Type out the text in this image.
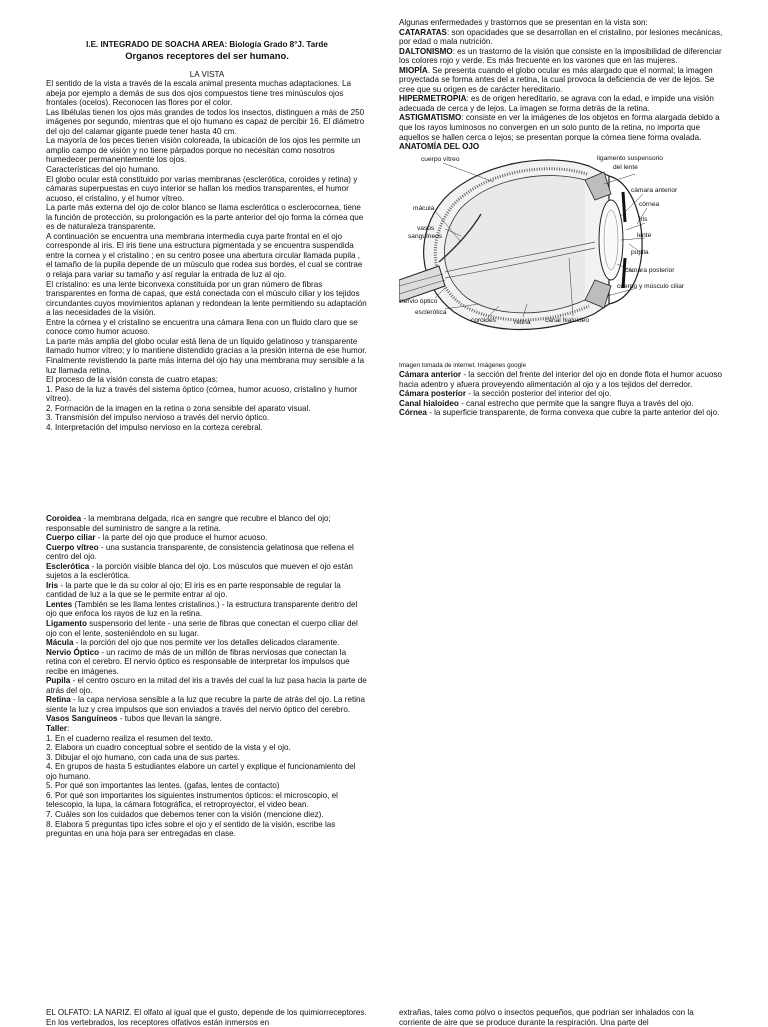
I.E. INTEGRADO DE SOACHA AREA: Biología Grado 8°J. Tarde

Organos receptores del ser humano.

LA VISTA

El sentido de la vista a través de la escala animal presenta muchas adaptaciones. La abeja por ejemplo a demás de sus dos ojos compuestos tiene tres minúsculos ojos frontales (ocelos). Reconocen las flores por el color.

Las libélulas tienen los ojos más grandes de todos los insectos, distinguen a más de 250 imágenes por segundo, mientras que el ojo humano es capaz de percibir 16. El diámetro del ojo del calamar gigante puede tener hasta 40 cm.

La mayoría de los peces tienen visión coloreada, la ubicación de los ojos les permite un amplio campo de visión y no tiene párpados porque no necesitan como nosotros humedecer permanentemente los ojos.

Características del ojo humano.

El globo ocular está constituido por varias membranas (esclerótica, coroides y retina) y cámaras superpuestas en cuyo interior se hallan los medios transparentes, el humor acuoso, el cristalino, y el humor vítreo.

La parte más externa del ojo de color blanco se llama esclerótica o esclerocornea, tiene la función de protección, su prolongación es la parte anterior del ojo forma la córnea que es de naturaleza transparente.

A continuación se encuentra una membrana intermedia cuya parte frontal en el ojo corresponde al iris. El iris tiene una estructura pigmentada y se encuentra suspendida entre la cornea y el cristalino ; en su centro posee una abertura circular llamada pupila , el tamaño de la pupila depende de un músculo que rodea sus bordes, el cual se contrae o relaja para variar su tamaño y así regular la entrada de luz al ojo.

El cristalino: es una lente biconvexa constituida por un gran número de fibras transparentes en forma de capas, que está conectada con el músculo ciliar y los tejidos circundantes cuyos movimientos aplanan y redondean la lente permitiendo su adaptación a las necesidades de la visión.

Entre la córnea y el cristalino se encuentra una cámara llena con un fluido claro que se conoce como humor acuoso.

La parte más amplia del globo ocular está llena de un líquido gelatinoso y transparente llamado humor vítreo; y lo mantiene distendido gracias a la presión interna de ese humor.

Finalmente revistiendo la parte más interna del ojo hay una membrana muy sensible a la luz llamada retina.

El proceso de la visión consta de cuatro etapas:

1. Paso de la luz a través del sistema óptico (córnea, humor acuoso, cristalino y humor vítreo).

2. Formación de la imagen en la retina o zona sensible del aparato visual.

3. Transmisión del impulso nervioso a través del nervio óptico.

4. Interpretación del impulso nervioso en la corteza cerebral.

Coroidea - la membrana delgada, rica en sangre que recubre el blanco del ojo; responsable del suministro de sangre a la retina.

Cuerpo ciliar - la parte del ojo que produce el humor acuoso.

Cuerpo vítreo - una sustancia transparente, de consistencia gelatinosa que rellena el centro del ojo.

Esclerótica - la porción visible blanca del ojo. Los músculos que mueven el ojo están sujetos a la esclerótica.

Iris - la parte que le da su color al ojo; El iris es en parte responsable de regular la cantidad de luz a la que se le permite entrar al ojo.

Lentes (También se les llama lentes cristalinos.) - la estructura transparente dentro del ojo que enfoca los rayos de luz en la retina.

Ligamento suspensorio del lente - una serie de fibras que conectan el cuerpo ciliar del ojo con el lente, sosteniéndolo en su lugar.

Mácula - la porción del ojo que nos permite ver los detalles delicados claramente.

Nervio Óptico - un racimo de más de un millón de fibras nerviosas que conectan la retina con el cerebro. El nervio óptico es responsable de interpretar los impulsos que recibe en imágenes.

Pupila - el centro oscuro en la mitad del iris a través del cual la luz pasa hacia la parte de atrás del ojo.

Retina - la capa nerviosa sensible a la luz que recubre la parte de atrás del ojo. La retina siente la luz y crea impulsos que son enviados a través del nervio óptico del cerebro.

Vasos Sanguíneos - tubos que llevan la sangre.

Taller:

1. En el cuaderno realiza el resumen del texto.

2. Elabora un cuadro conceptual sobre el sentido de la vista y el ojo.

3. Dibujar el ojo humano, con cada una de sus partes.

4. En grupos de hasta 5 estudiantes elabore un cartel y explique el funcionamiento del ojo humano.

5. Por qué son importantes las lentes. (gafas, lentes de contacto)

6. Por qué son importantes los siguientes instrumentos ópticos: el microscopio, el telescopio, la lupa, la cámara fotográfica, el retroproyector, el video bean.

7. Cuáles son los cuidados que debemos tener con la visión (mencione diez).

8. Elabora 5 preguntas tipo icfes sobre el ojo y el sentido de la visión, escribe las preguntas en una hoja para ser entregadas en clase.

EL OLFATO: LA NARIZ. El olfato al igual que el gusto, depende de los quimiorreceptores. En los vertebrados, los receptores olfativos están inmersos en

Algunas enfermedades y trastornos que se presentan en la vista son:

CATARATAS: son opacidades que se desarrollan en el cristalino, por lesiones mecánicas, por edad o mala nutrición.

DALTONISMO: es un trastorno de la visión que consiste en la imposibilidad de diferenciar los colores rojo y verde. Es más frecuente en los varones que en las mujeres.

MIOPÍA. Se presenta cuando el globo ocular es más alargado que el normal; la imagen proyectada se forma antes del a retina, la cual provoca la deficiencia de ver de lejos. Se cree que su origen es de carácter hereditario.

HIPERMETROPIA: es de origen hereditario, se agrava con la edad, e impide una visión adecuada de cerca y de lejos. La imagen se forma detrás de la retina.

ASTIGMATISMO: consiste en ver la imágenes de los objetos en forma alargada debido a que los rayos luminosos no convergen en un solo punto de la retina, no importa que aquellos se hallen cerca o lejos; se presentan porque la córnea tiene forma ovalada.

ANATOMÍA DEL OJO

cuerpo vítreo	ligamento suspensorio
del lente
cámara anterior
córnea
iris
lente
pupila
cámara posterior
cuerpo y músculo ciliar
mácula
vasos
sanguíneos
nervio óptico
esclerótica
coroides	retina canal hialoideo

Imagen tomada de internet. Imágenes google

Cámara anterior - la sección del frente del interior del ojo en donde flota el humor acuoso hacia adentro y afuera proveyendo alimentación al ojo y a los tejidos del derredor.

Cámara posterior - la sección posterior del interior del ojo.

Canal hialoideo - canal estrecho que permite que la sangre fluya a través del ojo.

Córnea - la superficie transparente, de forma convexa que cubre la parte anterior del ojo.

extrañas, tales como polvo o insectos pequeños, que podrían ser inhalados con la corriente de aire que se produce durante la respiración. Una parte del
